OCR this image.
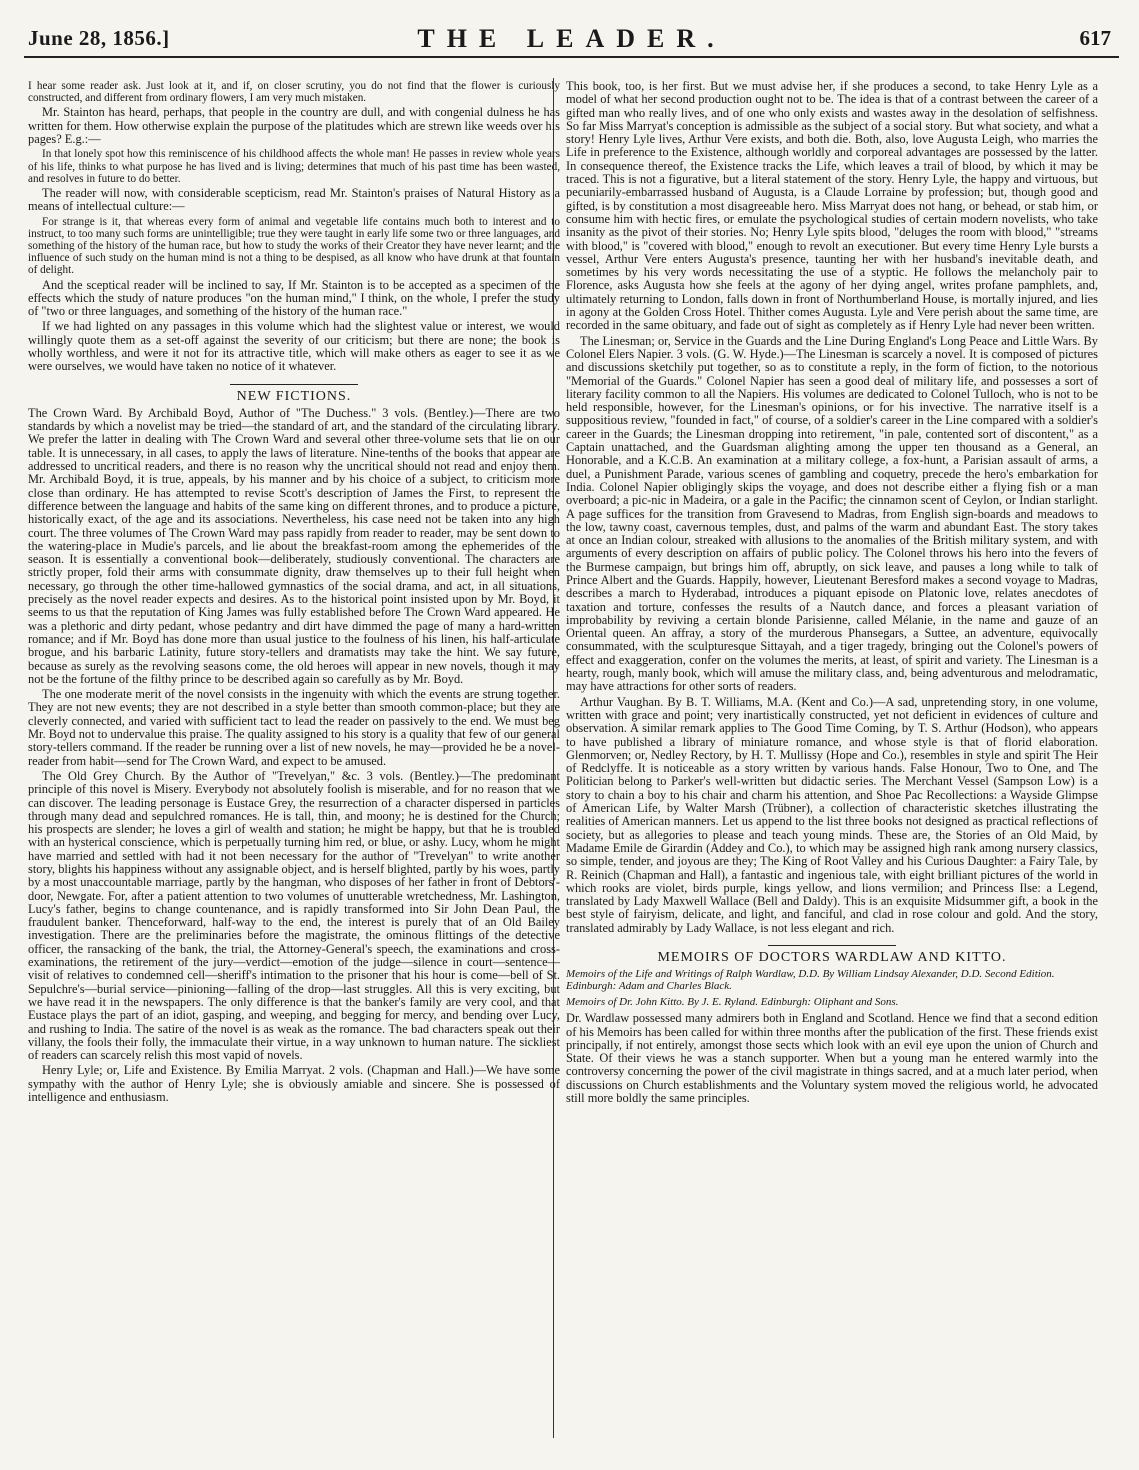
June 28, 1856.]	THE LEADER.	617

I hear some reader ask. Just look at it, and if, on closer scrutiny, you do not find that the flower is curiously constructed, and different from ordinary flowers, I am very much mistaken.

Mr. Stainton has heard, perhaps, that people in the country are dull, and with congenial dulness he has written for them. How otherwise explain the purpose of the platitudes which are strewn like weeds over his pages? E.g.:—

In that lonely spot how this reminiscence of his childhood affects the whole man! He passes in review whole years of his life, thinks to what purpose he has lived and is living; determines that much of his past time has been wasted, and resolves in future to do better.

The reader will now, with considerable scepticism, read Mr. Stainton's praises of Natural History as a means of intellectual culture:—

For strange is it, that whereas every form of animal and vegetable life contains much both to interest and to instruct, to too many such forms are unintelligible; true they were taught in early life some two or three languages, and something of the history of the human race, but how to study the works of their Creator they have never learnt; and the influence of such study on the human mind is not a thing to be despised, as all know who have drunk at that fountain of delight.

And the sceptical reader will be inclined to say, If Mr. Stainton is to be accepted as a specimen of the effects which the study of nature produces "on the human mind," I think, on the whole, I prefer the study of "two or three languages, and something of the history of the human race."

If we had lighted on any passages in this volume which had the slightest value or interest, we would willingly quote them as a set-off against the severity of our criticism; but there are none; the book is wholly worthless, and were it not for its attractive title, which will make others as eager to see it as we were ourselves, we would have taken no notice of it whatever.

NEW FICTIONS.

The Crown Ward. By Archibald Boyd, Author of "The Duchess." 3 vols. (Bentley.)—There are two standards by which a novelist may be tried—the standard of art, and the standard of the circulating library. We prefer the latter in dealing with The Crown Ward and several other three-volume sets that lie on our table. It is unnecessary, in all cases, to apply the laws of literature. Nine-tenths of the books that appear are addressed to uncritical readers, and there is no reason why the uncritical should not read and enjoy them. Mr. Archibald Boyd, it is true, appeals, by his manner and by his choice of a subject, to criticism more close than ordinary. He has attempted to revise Scott's description of James the First, to represent the difference between the language and habits of the same king on different thrones, and to produce a picture, historically exact, of the age and its associations. Nevertheless, his case need not be taken into any high court. The three volumes of The Crown Ward may pass rapidly from reader to reader, may be sent down to the watering-place in Mudie's parcels, and lie about the breakfast-room among the ephemerides of the season. It is essentially a conventional book—deliberately, studiously conventional. The characters are strictly proper, fold their arms with consummate dignity, draw themselves up to their full height when necessary, go through the other time-hallowed gymnastics of the social drama, and act, in all situations, precisely as the novel reader expects and desires. As to the historical point insisted upon by Mr. Boyd, it seems to us that the reputation of King James was fully established before The Crown Ward appeared. He was a plethoric and dirty pedant, whose pedantry and dirt have dimmed the page of many a hard-written romance; and if Mr. Boyd has done more than usual justice to the foulness of his linen, his half-articulate brogue, and his barbaric Latinity, future story-tellers and dramatists may take the hint. We say future, because as surely as the revolving seasons come, the old heroes will appear in new novels, though it may not be the fortune of the filthy prince to be described again so carefully as by Mr. Boyd.

The one moderate merit of the novel consists in the ingenuity with which the events are strung together. They are not new events; they are not described in a style better than smooth common-place; but they are cleverly connected, and varied with sufficient tact to lead the reader on passively to the end. We must beg Mr. Boyd not to undervalue this praise. The quality assigned to his story is a quality that few of our general story-tellers command. If the reader be running over a list of new novels, he may—provided he be a novel-reader from habit—send for The Crown Ward, and expect to be amused.

The Old Grey Church. By the Author of "Trevelyan," &c. 3 vols. (Bentley.)—The predominant principle of this novel is Misery. Everybody not absolutely foolish is miserable, and for no reason that we can discover. The leading personage is Eustace Grey, the resurrection of a character dispersed in particles through many dead and sepulchred romances. He is tall, thin, and moony; he is destined for the Church; his prospects are slender; he loves a girl of wealth and station; he might be happy, but that he is troubled with an hysterical conscience, which is perpetually turning him red, or blue, or ashy. Lucy, whom he might have married and settled with had it not been necessary for the author of "Trevelyan" to write another story, blights his happiness without any assignable object, and is herself blighted, partly by his woes, partly by a most unaccountable marriage, partly by the hangman, who disposes of her father in front of Debtors'-door, Newgate. For, after a patient attention to two volumes of unutterable wretchedness, Mr. Lashington, Lucy's father, begins to change countenance, and is rapidly transformed into Sir John Dean Paul, the fraudulent banker. Thenceforward, half-way to the end, the interest is purely that of an Old Bailey investigation. There are the preliminaries before the magistrate, the ominous flittings of the detective officer, the ransacking of the bank, the trial, the Attorney-General's speech, the examinations and cross-examinations, the retirement of the jury—verdict—emotion of the judge—silence in court—sentence—visit of relatives to condemned cell—sheriff's intimation to the prisoner that his hour is come—bell of St. Sepulchre's—burial service—pinioning—falling of the drop—last struggles. All this is very exciting, but we have read it in the newspapers. The only difference is that the banker's family are very cool, and that Eustace plays the part of an idiot, gasping, and weeping, and begging for mercy, and bending over Lucy, and rushing to India. The satire of the novel is as weak as the romance. The bad characters speak out their villany, the fools their folly, the immaculate their virtue, in a way unknown to human nature. The sickliest of readers can scarcely relish this most vapid of novels.

Henry Lyle; or, Life and Existence. By Emilia Marryat. 2 vols. (Chapman and Hall.)—We have some sympathy with the author of Henry Lyle; she is obviously amiable and sincere. She is possessed of intelligence and enthusiasm.

This book, too, is her first. But we must advise her, if she produces a second, to take Henry Lyle as a model of what her second production ought not to be. The idea is that of a contrast between the career of a gifted man who really lives, and of one who only exists and wastes away in the desolation of selfishness. So far Miss Marryat's conception is admissible as the subject of a social story. But what society, and what a story! Henry Lyle lives, Arthur Vere exists, and both die. Both, also, love Augusta Leigh, who marries the Life in preference to the Existence, although worldly and corporeal advantages are possessed by the latter. In consequence thereof, the Existence tracks the Life, which leaves a trail of blood, by which it may be traced. This is not a figurative, but a literal statement of the story. Henry Lyle, the happy and virtuous, but pecuniarily-embarrassed husband of Augusta, is a Claude Lorraine by profession; but, though good and gifted, is by constitution a most disagreeable hero. Miss Marryat does not hang, or behead, or stab him, or consume him with hectic fires, or emulate the psychological studies of certain modern novelists, who take insanity as the pivot of their stories. No; Henry Lyle spits blood, "deluges the room with blood," "streams with blood," is "covered with blood," enough to revolt an executioner. But every time Henry Lyle bursts a vessel, Arthur Vere enters Augusta's presence, taunting her with her husband's inevitable death, and sometimes by his very words necessitating the use of a styptic. He follows the melancholy pair to Florence, asks Augusta how she feels at the agony of her dying angel, writes profane pamphlets, and, ultimately returning to London, falls down in front of Northumberland House, is mortally injured, and lies in agony at the Golden Cross Hotel. Thither comes Augusta. Lyle and Vere perish about the same time, are recorded in the same obituary, and fade out of sight as completely as if Henry Lyle had never been written.

The Linesman; or, Service in the Guards and the Line During England's Long Peace and Little Wars. By Colonel Elers Napier. 3 vols. (G. W. Hyde.)—The Linesman is scarcely a novel. It is composed of pictures and discussions sketchily put together, so as to constitute a reply, in the form of fiction, to the notorious "Memorial of the Guards." Colonel Napier has seen a good deal of military life, and possesses a sort of literary facility common to all the Napiers. His volumes are dedicated to Colonel Tulloch, who is not to be held responsible, however, for the Linesman's opinions, or for his invective. The narrative itself is a suppositious review, "founded in fact," of course, of a soldier's career in the Line compared with a soldier's career in the Guards; the Linesman dropping into retirement, "in pale, contented sort of discontent," as a Captain unattached, and the Guardsman alighting among the upper ten thousand as a General, an Honorable, and a K.C.B. An examination at a military college, a fox-hunt, a Parisian assault of arms, a duel, a Punishment Parade, various scenes of gambling and coquetry, precede the hero's embarkation for India. Colonel Napier obligingly skips the voyage, and does not describe either a flying fish or a man overboard; a pic-nic in Madeira, or a gale in the Pacific; the cinnamon scent of Ceylon, or Indian starlight. A page suffices for the transition from Gravesend to Madras, from English sign-boards and meadows to the low, tawny coast, cavernous temples, dust, and palms of the warm and abundant East. The story takes at once an Indian colour, streaked with allusions to the anomalies of the British military system, and with arguments of every description on affairs of public policy. The Colonel throws his hero into the fevers of the Burmese campaign, but brings him off, abruptly, on sick leave, and pauses a long while to talk of Prince Albert and the Guards. Happily, however, Lieutenant Beresford makes a second voyage to Madras, describes a march to Hyderabad, introduces a piquant episode on Platonic love, relates anecdotes of taxation and torture, confesses the results of a Nautch dance, and forces a pleasant variation of improbability by reviving a certain blonde Parisienne, called Mélanie, in the name and gauze of an Oriental queen. An affray, a story of the murderous Phansegars, a Suttee, an adventure, equivocally consummated, with the sculpturesque Sittayah, and a tiger tragedy, bringing out the Colonel's powers of effect and exaggeration, confer on the volumes the merits, at least, of spirit and variety. The Linesman is a hearty, rough, manly book, which will amuse the military class, and, being adventurous and melodramatic, may have attractions for other sorts of readers.

Arthur Vaughan. By B. T. Williams, M.A. (Kent and Co.)—A sad, unpretending story, in one volume, written with grace and point; very inartistically constructed, yet not deficient in evidences of culture and observation. A similar remark applies to The Good Time Coming, by T. S. Arthur (Hodson), who appears to have published a library of miniature romance, and whose style is that of florid elaboration. Glenmorven; or, Nedley Rectory, by H. T. Mullissy (Hope and Co.), resembles in style and spirit The Heir of Redclyffe. It is noticeable as a story written by various hands. False Honour, Two to One, and The Politician belong to Parker's well-written but didactic series. The Merchant Vessel (Sampson Low) is a story to chain a boy to his chair and charm his attention, and Shoe Pac Recollections: a Wayside Glimpse of American Life, by Walter Marsh (Trübner), a collection of characteristic sketches illustrating the realities of American manners. Let us append to the list three books not designed as practical reflections of society, but as allegories to please and teach young minds. These are, the Stories of an Old Maid, by Madame Emile de Girardin (Addey and Co.), to which may be assigned high rank among nursery classics, so simple, tender, and joyous are they; The King of Root Valley and his Curious Daughter: a Fairy Tale, by R. Reinich (Chapman and Hall), a fantastic and ingenious tale, with eight brilliant pictures of the world in which rooks are violet, birds purple, kings yellow, and lions vermilion; and Princess Ilse: a Legend, translated by Lady Maxwell Wallace (Bell and Daldy). This is an exquisite Midsummer gift, a book in the best style of fairyism, delicate, and light, and fanciful, and clad in rose colour and gold. And the story, translated admirably by Lady Wallace, is not less elegant and rich.

MEMOIRS OF DOCTORS WARDLAW AND KITTO.
Memoirs of the Life and Writings of Ralph Wardlaw, D.D. By William Lindsay Alexander, D.D. Second Edition. Edinburgh: Adam and Charles Black.
Memoirs of Dr. John Kitto. By J. E. Ryland. Edinburgh: Oliphant and Sons.

Dr. Wardlaw possessed many admirers both in England and Scotland. Hence we find that a second edition of his Memoirs has been called for within three months after the publication of the first. These friends exist principally, if not entirely, amongst those sects which look with an evil eye upon the union of Church and State. Of their views he was a stanch supporter. When but a young man he entered warmly into the controversy concerning the power of the civil magistrate in things sacred, and at a much later period, when discussions on Church establishments and the Voluntary system moved the religious world, he advocated still more boldly the same principles.
